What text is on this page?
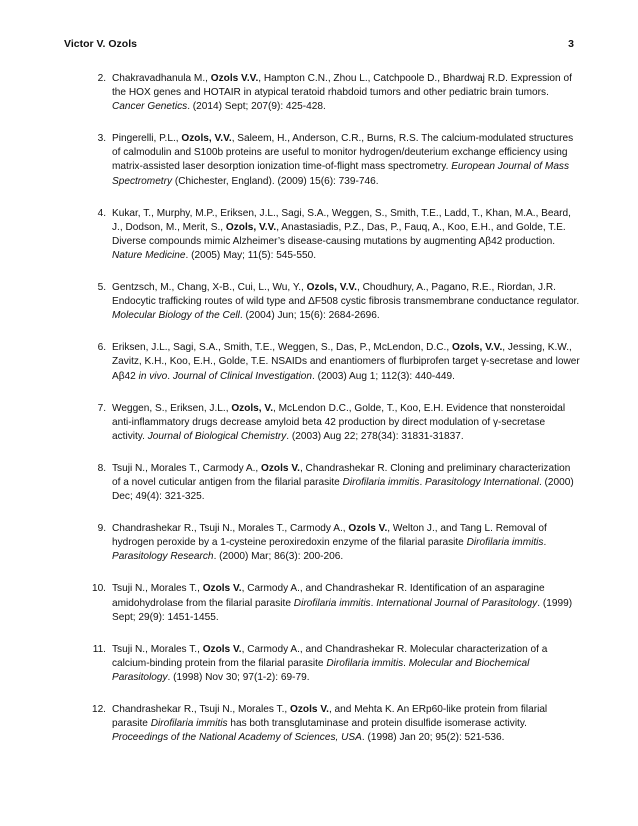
Victor V. Ozols	3
2. Chakravadhanula M., Ozols V.V., Hampton C.N., Zhou L., Catchpoole D., Bhardwaj R.D. Expression of the HOX genes and HOTAIR in atypical teratoid rhabdoid tumors and other pediatric brain tumors. Cancer Genetics. (2014) Sept; 207(9): 425-428.
3. Pingerelli, P.L., Ozols, V.V., Saleem, H., Anderson, C.R., Burns, R.S. The calcium-modulated structures of calmodulin and S100b proteins are useful to monitor hydrogen/deuterium exchange efficiency using matrix-assisted laser desorption ionization time-of-flight mass spectrometry. European Journal of Mass Spectrometry (Chichester, England). (2009) 15(6): 739-746.
4. Kukar, T., Murphy, M.P., Eriksen, J.L., Sagi, S.A., Weggen, S., Smith, T.E., Ladd, T., Khan, M.A., Beard, J., Dodson, M., Merit, S., Ozols, V.V., Anastasiadis, P.Z., Das, P., Fauq, A., Koo, E.H., and Golde, T.E. Diverse compounds mimic Alzheimer’s disease-causing mutations by augmenting Aβ42 production. Nature Medicine. (2005) May; 11(5): 545-550.
5. Gentzsch, M., Chang, X-B., Cui, L., Wu, Y., Ozols, V.V., Choudhury, A., Pagano, R.E., Riordan, J.R. Endocytic trafficking routes of wild type and ΔF508 cystic fibrosis transmembrane conductance regulator. Molecular Biology of the Cell. (2004) Jun; 15(6): 2684-2696.
6. Eriksen, J.L., Sagi, S.A., Smith, T.E., Weggen, S., Das, P., McLendon, D.C., Ozols, V.V., Jessing, K.W., Zavitz, K.H., Koo, E.H., Golde, T.E. NSAIDs and enantiomers of flurbiprofen target γ-secretase and lower Aβ42 in vivo. Journal of Clinical Investigation. (2003) Aug 1; 112(3): 440-449.
7. Weggen, S., Eriksen, J.L., Ozols, V., McLendon D.C., Golde, T., Koo, E.H. Evidence that nonsteroidal anti-inflammatory drugs decrease amyloid beta 42 production by direct modulation of γ-secretase activity. Journal of Biological Chemistry. (2003) Aug 22; 278(34): 31831-31837.
8. Tsuji N., Morales T., Carmody A., Ozols V., Chandrashekar R. Cloning and preliminary characterization of a novel cuticular antigen from the filarial parasite Dirofilaria immitis. Parasitology International. (2000) Dec; 49(4): 321-325.
9. Chandrashekar R., Tsuji N., Morales T., Carmody A., Ozols V., Welton J., and Tang L. Removal of hydrogen peroxide by a 1-cysteine peroxiredoxin enzyme of the filarial parasite Dirofilaria immitis. Parasitology Research. (2000) Mar; 86(3): 200-206.
10. Tsuji N., Morales T., Ozols V., Carmody A., and Chandrashekar R. Identification of an asparagine amidohydrolase from the filarial parasite Dirofilaria immitis. International Journal of Parasitology. (1999) Sept; 29(9): 1451-1455.
11. Tsuji N., Morales T., Ozols V., Carmody A., and Chandrashekar R. Molecular characterization of a calcium-binding protein from the filarial parasite Dirofilaria immitis. Molecular and Biochemical Parasitology. (1998) Nov 30; 97(1-2): 69-79.
12. Chandrashekar R., Tsuji N., Morales T., Ozols V., and Mehta K. An ERp60-like protein from filarial parasite Dirofilaria immitis has both transglutaminase and protein disulfide isomerase activity. Proceedings of the National Academy of Sciences, USA. (1998) Jan 20; 95(2): 521-536.
